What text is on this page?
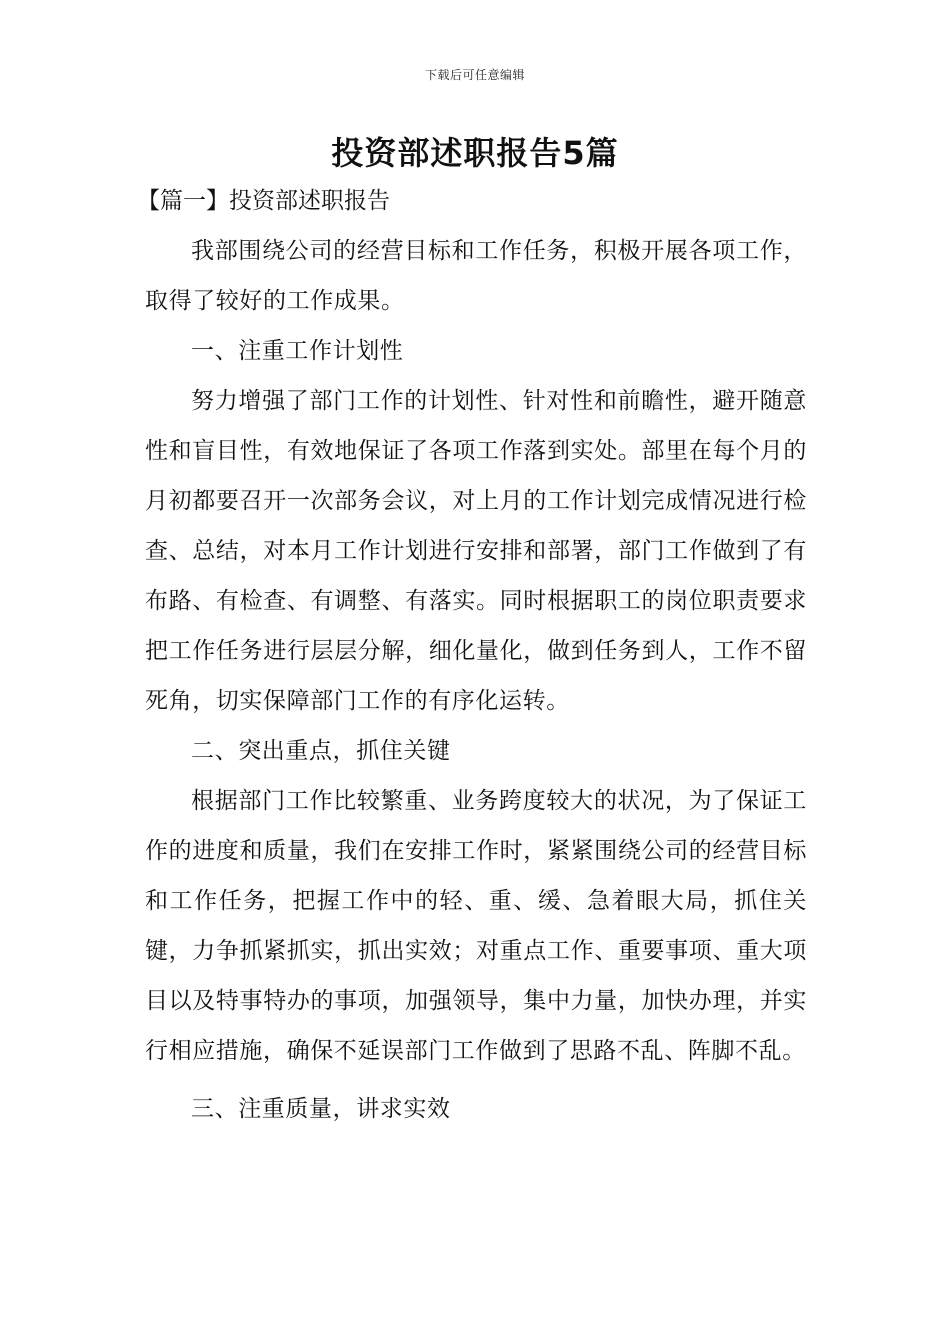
下载后可任意编辑
投资部述职报告5篇

【篇一】投资部述职报告

我部围绕公司的经营目标和工作任务，积极开展各项工作，取得了较好的工作成果。

一、注重工作计划性

努力增强了部门工作的计划性、针对性和前瞻性，避开随意性和盲目性，有效地保证了各项工作落到实处。部里在每个月的月初都要召开一次部务会议，对上月的工作计划完成情况进行检查、总结，对本月工作计划进行安排和部署，部门工作做到了有布路、有检查、有调整、有落实。同时根据职工的岗位职责要求把工作任务进行层层分解，细化量化，做到任务到人，工作不留死角，切实保障部门工作的有序化运转。

二、突出重点，抓住关键

根据部门工作比较繁重、业务跨度较大的状况，为了保证工作的进度和质量，我们在安排工作时，紧紧围绕公司的经营目标和工作任务，把握工作中的轻、重、缓、急着眼大局，抓住关键，力争抓紧抓实，抓出实效；对重点工作、重要事项、重大项目以及特事特办的事项，加强领导，集中力量，加快办理，并实行相应措施，确保不延误部门工作做到了思路不乱、阵脚不乱。

三、注重质量，讲求实效
